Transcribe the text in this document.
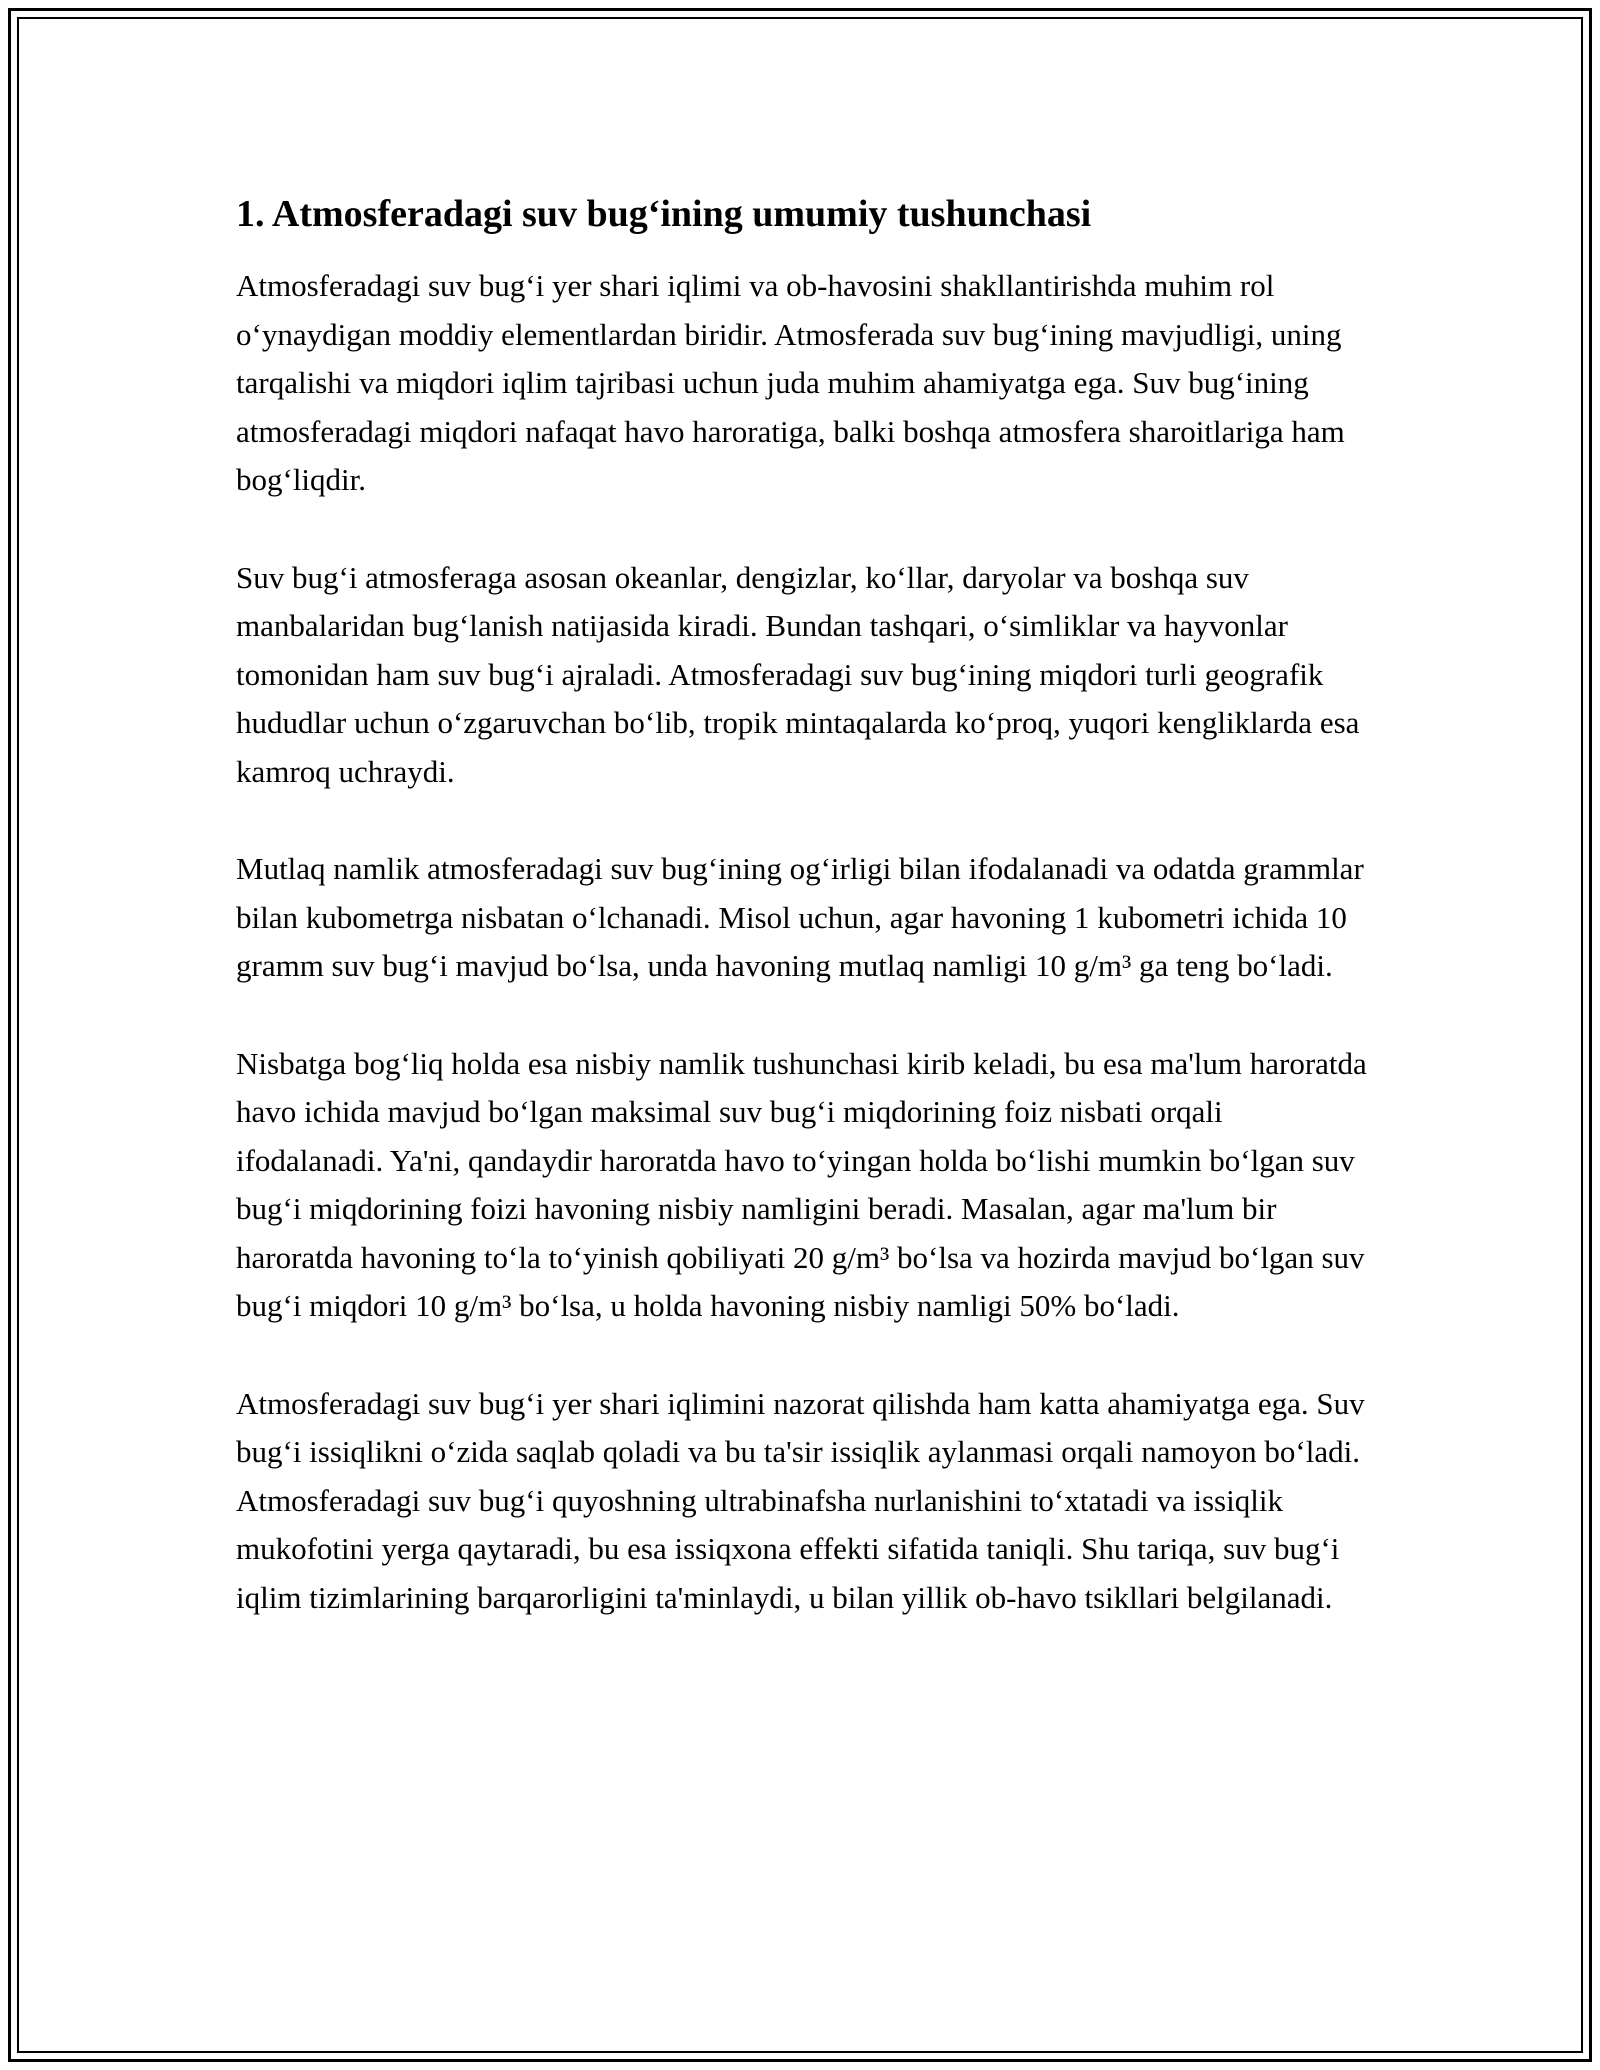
1. Atmosferadagi suv bug‘ining umumiy tushunchasi

Atmosferadagi suv bug‘i yer shari iqlimi va ob-havosini shakllantirishda muhim rol o‘ynaydigan moddiy elementlardan biridir. Atmosferada suv bug‘ining mavjudligi, uning tarqalishi va miqdori iqlim tajribasi uchun juda muhim ahamiyatga ega. Suv bug‘ining atmosferadagi miqdori nafaqat havo haroratiga, balki boshqa atmosfera sharoitlariga ham bog‘liqdir.

Suv bug‘i atmosferaga asosan okeanlar, dengizlar, ko‘llar, daryolar va boshqa suv manbalaridan bug‘lanish natijasida kiradi. Bundan tashqari, o‘simliklar va hayvonlar tomonidan ham suv bug‘i ajraladi. Atmosferadagi suv bug‘ining miqdori turli geografik hududlar uchun o‘zgaruvchan bo‘lib, tropik mintaqalarda ko‘proq, yuqori kengliklarda esa kamroq uchraydi.

Mutlaq namlik atmosferadagi suv bug‘ining og‘irligi bilan ifodalanadi va odatda grammlar bilan kubometrga nisbatan o‘lchanadi. Misol uchun, agar havoning 1 kubometri ichida 10 gramm suv bug‘i mavjud bo‘lsa, unda havoning mutlaq namligi 10 g/m³ ga teng bo‘ladi.

Nisbatga bog‘liq holda esa nisbiy namlik tushunchasi kirib keladi, bu esa ma'lum haroratda havo ichida mavjud bo‘lgan maksimal suv bug‘i miqdorining foiz nisbati orqali ifodalanadi. Ya'ni, qandaydir haroratda havo to‘yingan holda bo‘lishi mumkin bo‘lgan suv bug‘i miqdorining foizi havoning nisbiy namligini beradi. Masalan, agar ma'lum bir haroratda havoning to‘la to‘yinish qobiliyati 20 g/m³ bo‘lsa va hozirda mavjud bo‘lgan suv bug‘i miqdori 10 g/m³ bo‘lsa, u holda havoning nisbiy namligi 50% bo‘ladi.

Atmosferadagi suv bug‘i yer shari iqlimini nazorat qilishda ham katta ahamiyatga ega. Suv bug‘i issiqlikni o‘zida saqlab qoladi va bu ta'sir issiqlik aylanmasi orqali namoyon bo‘ladi. Atmosferadagi suv bug‘i quyoshning ultrabinafsha nurlanishini to‘xtatadi va issiqlik mukofotini yerga qaytaradi, bu esa issiqxona effekti sifatida taniqli. Shu tariqa, suv bug‘i iqlim tizimlarining barqarorligini ta'minlaydi, u bilan yillik ob-havo tsikllari belgilanadi.
